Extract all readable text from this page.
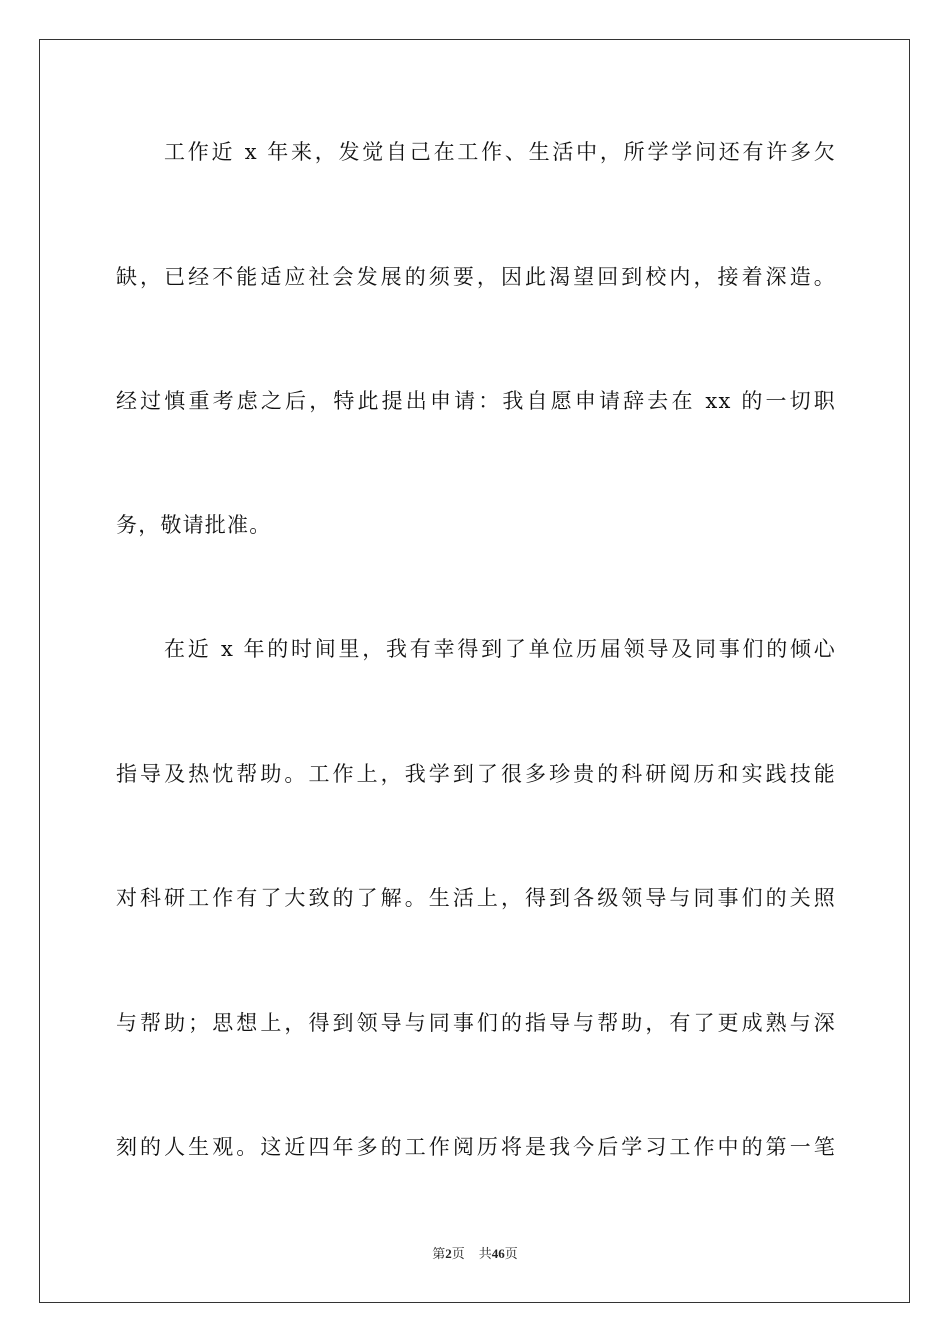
工作近 x 年来，发觉自己在工作、生活中，所学学问还有许多欠
缺，已经不能适应社会发展的须要，因此渴望回到校内，接着深造。
经过慎重考虑之后，特此提出申请：我自愿申请辞去在 xx 的一切职
务，敬请批准。
在近 x 年的时间里，我有幸得到了单位历届领导及同事们的倾心
指导及热忱帮助。工作上，我学到了很多珍贵的科研阅历和实践技能
对科研工作有了大致的了解。生活上，得到各级领导与同事们的关照
与帮助；思想上，得到领导与同事们的指导与帮助，有了更成熟与深
刻的人生观。这近四年多的工作阅历将是我今后学习工作中的第一笔
第2页 共46页
